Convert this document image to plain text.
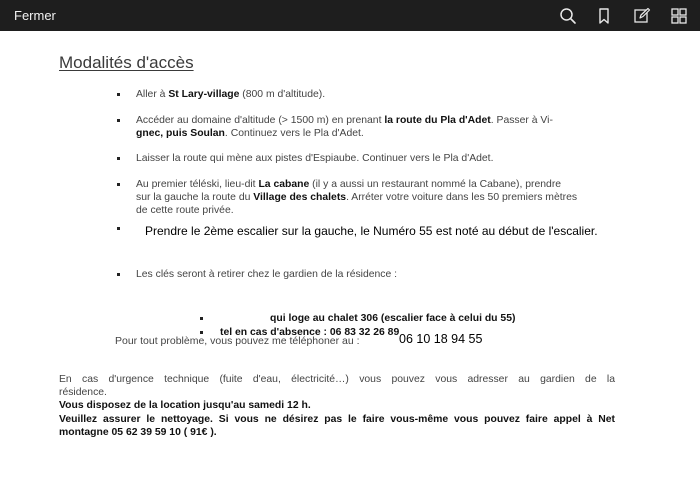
Fermer
Modalités d'accès
Aller à St Lary-village (800 m d'altitude).
Accéder au domaine d'altitude (> 1500 m) en prenant la route du Pla d'Adet. Passer à Vi-
gnec, puis Soulan. Continuez vers le Pla d'Adet.
Laisser la route qui mène aux pistes d'Espiaube. Continuer vers le Pla d'Adet.
Au premier téléski, lieu-dit La cabane (il y a aussi un restaurant nommé la Cabane), prendre
sur la gauche la route du Village des chalets. Arréter votre voiture dans les 50 premiers mètres
de cette route privée.
Prendre le 2ème escalier sur la gauche, le Numéro 55 est noté au début de l'escalier.
Les clés seront à retirer chez le gardien de la résidence :
qui loge au chalet 306 (escalier face à celui du 55)
tel en cas d'absence : 06 83 32 26 89
Pour tout problème, vous pouvez me téléphoner au :	06 10 18 94 55
En cas d'urgence technique (fuite d'eau, électricité…) vous pouvez vous adresser au gardien de la
résidence.
Vous disposez de la location jusqu'au samedi 12 h.
Veuillez assurer le nettoyage. Si vous ne désirez pas le faire vous-même vous pouvez faire appel à Net
montagne 05 62 39 59 10 ( 91€ ).
